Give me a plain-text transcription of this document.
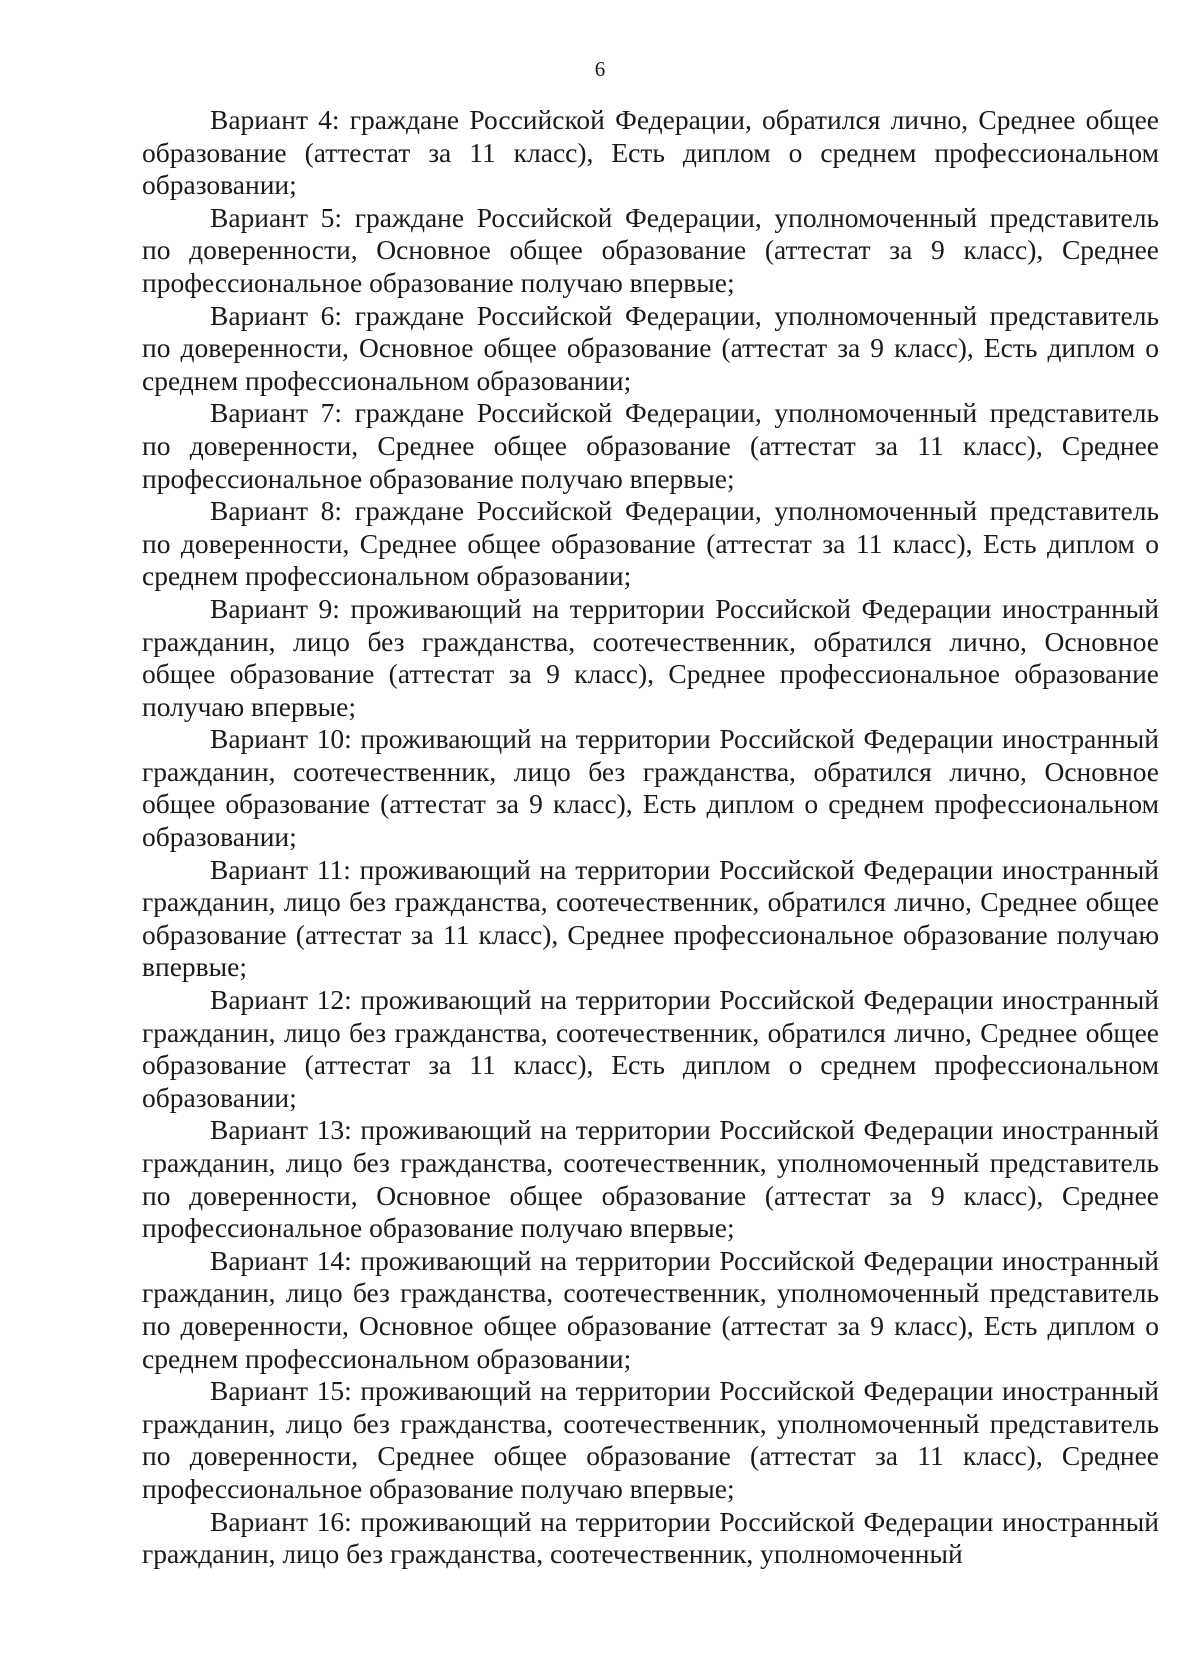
6

Вариант 4: граждане Российской Федерации, обратился лично, Среднее общее образование (аттестат за 11 класс), Есть диплом о среднем профессиональном образовании;

Вариант 5: граждане Российской Федерации, уполномоченный представитель по доверенности, Основное общее образование (аттестат за 9 класс), Среднее профессиональное образование получаю впервые;

Вариант 6: граждане Российской Федерации, уполномоченный представитель по доверенности, Основное общее образование (аттестат за 9 класс), Есть диплом о среднем профессиональном образовании;

Вариант 7: граждане Российской Федерации, уполномоченный представитель по доверенности, Среднее общее образование (аттестат за 11 класс), Среднее профессиональное образование получаю впервые;

Вариант 8: граждане Российской Федерации, уполномоченный представитель по доверенности, Среднее общее образование (аттестат за 11 класс), Есть диплом о среднем профессиональном образовании;

Вариант 9: проживающий на территории Российской Федерации иностранный гражданин, лицо без гражданства, соотечественник, обратился лично, Основное общее образование (аттестат за 9 класс), Среднее профессиональное образование получаю впервые;

Вариант 10: проживающий на территории Российской Федерации иностранный гражданин, соотечественник, лицо без гражданства, обратился лично, Основное общее образование (аттестат за 9 класс), Есть диплом о среднем профессиональном образовании;

Вариант 11: проживающий на территории Российской Федерации иностранный гражданин, лицо без гражданства, соотечественник, обратился лично, Среднее общее образование (аттестат за 11 класс), Среднее профессиональное образование получаю впервые;

Вариант 12: проживающий на территории Российской Федерации иностранный гражданин, лицо без гражданства, соотечественник, обратился лично, Среднее общее образование (аттестат за 11 класс), Есть диплом о среднем профессиональном образовании;

Вариант 13: проживающий на территории Российской Федерации иностранный гражданин, лицо без гражданства, соотечественник, уполномоченный представитель по доверенности, Основное общее образование (аттестат за 9 класс), Среднее профессиональное образование получаю впервые;

Вариант 14: проживающий на территории Российской Федерации иностранный гражданин, лицо без гражданства, соотечественник, уполномоченный представитель по доверенности, Основное общее образование (аттестат за 9 класс), Есть диплом о среднем профессиональном образовании;

Вариант 15: проживающий на территории Российской Федерации иностранный гражданин, лицо без гражданства, соотечественник, уполномоченный представитель по доверенности, Среднее общее образование (аттестат за 11 класс), Среднее профессиональное образование получаю впервые;

Вариант 16: проживающий на территории Российской Федерации иностранный гражданин, лицо без гражданства, соотечественник, уполномоченный
